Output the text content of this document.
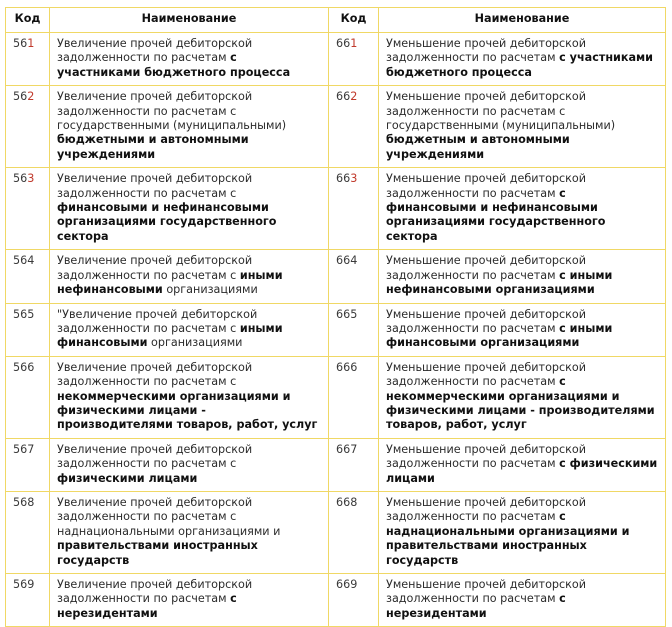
Код	Наименование	Код	Наименование
561	Увеличение прочей дебиторской задолженности по расчетам с участниками бюджетного процесса	661	Уменьшение прочей дебиторской задолженности по расчетам с участниками бюджетного процесса
562	Увеличение прочей дебиторской задолженности по расчетам с государственными (муниципальными) бюджетными и автономными учреждениями	662	Уменьшение прочей дебиторской задолженности по расчетам с государственными (муниципальными) бюджетным и автономными учреждениями
563	Увеличение прочей дебиторской задолженности по расчетам с финансовыми и нефинансовыми организациями государственного сектора	663	Уменьшение прочей дебиторской задолженности по расчетам с финансовыми и нефинансовыми организациями государственного сектора
564	Увеличение прочей дебиторской задолженности по расчетам с иными нефинансовыми организациями	664	Уменьшение прочей дебиторской задолженности по расчетам с иными нефинансовыми организациями
565	"Увеличение прочей дебиторской задолженности по расчетам с иными финансовыми организациями	665	Уменьшение прочей дебиторской задолженности по расчетам с иными финансовыми организациями
566	Увеличение прочей дебиторской задолженности по расчетам с некоммерческими организациями и физическими лицами - производителями товаров, работ, услуг	666	Уменьшение прочей дебиторской задолженности по расчетам с некоммерческими организациями и физическими лицами - производителями товаров, работ, услуг
567	Увеличение прочей дебиторской задолженности по расчетам с физическими лицами	667	Уменьшение прочей дебиторской задолженности по расчетам с физическими лицами
568	Увеличение прочей дебиторской задолженности по расчетам с наднациональными организациями и правительствами иностранных государств	668	Уменьшение прочей дебиторской задолженности по расчетам с наднациональными организациями и правительствами иностранных государств
569	Увеличение прочей дебиторской задолженности по расчетам с нерезидентами	669	Уменьшение прочей дебиторской задолженности по расчетам с нерезидентами
